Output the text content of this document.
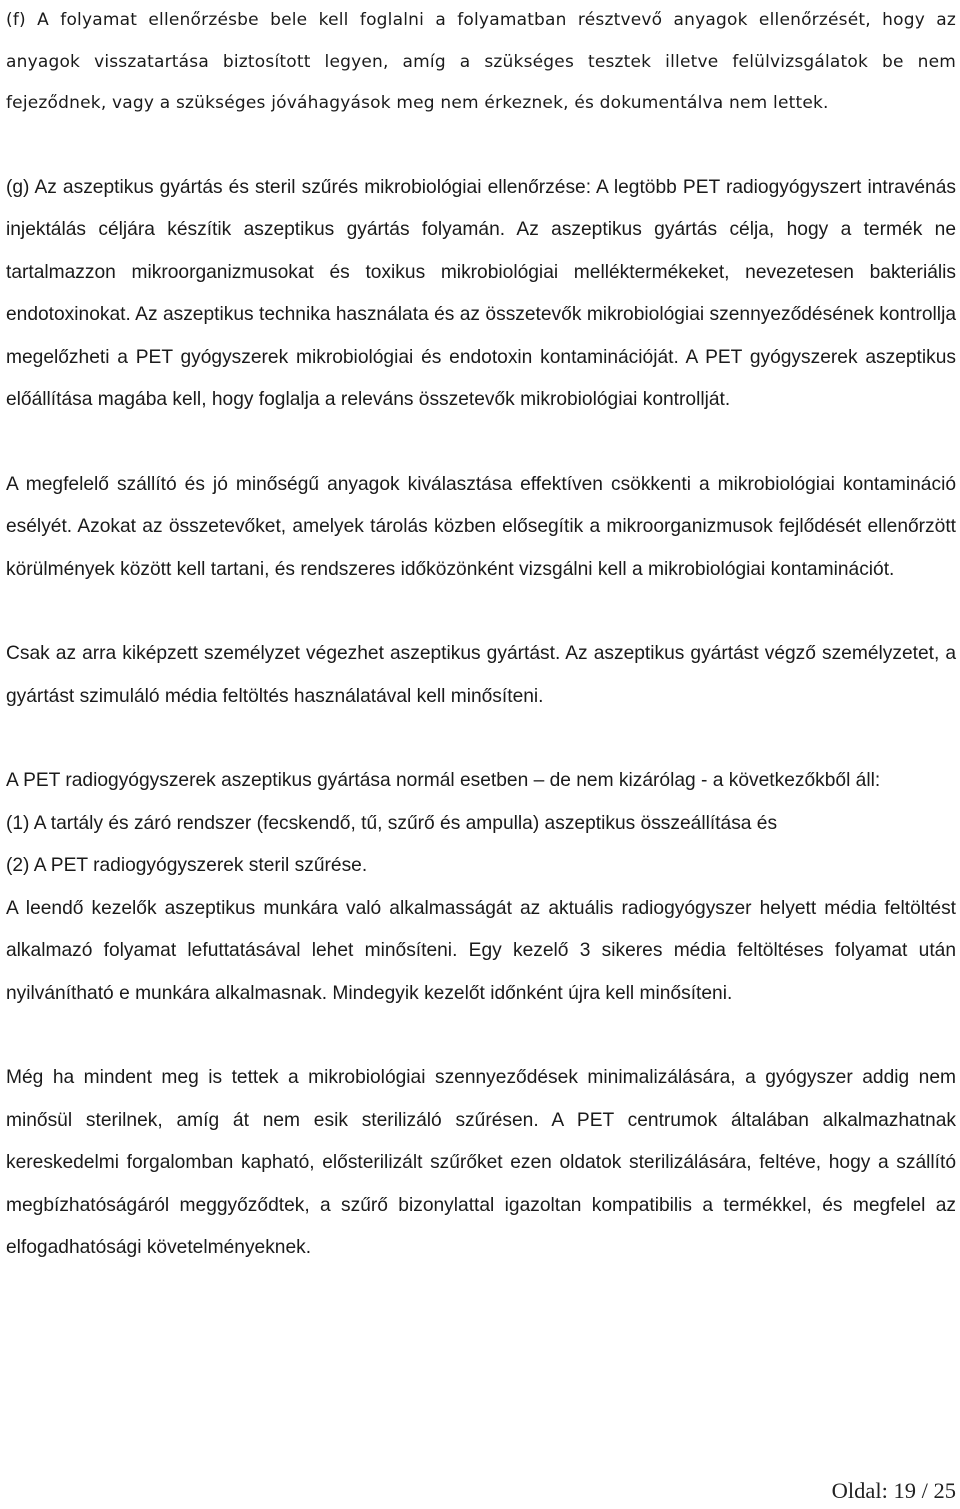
(f) A folyamat ellenőrzésbe bele kell foglalni a folyamatban résztvevő anyagok ellenőrzését, hogy az anyagok visszatartása biztosított legyen, amíg a szükséges tesztek illetve felülvizsgálatok be nem fejeződnek, vagy a szükséges jóváhagyások meg nem érkeznek, és dokumentálva nem lettek.

(g) Az aszeptikus gyártás és steril szűrés mikrobiológiai ellenőrzése: A legtöbb PET radiogyógyszert intravénás injektálás céljára készítik aszeptikus gyártás folyamán. Az aszeptikus gyártás célja, hogy a termék ne tartalmazzon mikroorganizmusokat és toxikus mikrobiológiai melléktermékeket, nevezetesen bakteriális endotoxinokat. Az aszeptikus technika használata és az összetevők mikrobiológiai szennyeződésének kontrollja megelőzheti a PET gyógyszerek mikrobiológiai és endotoxin kontaminációját. A PET gyógyszerek aszeptikus előállítása magába kell, hogy foglalja a releváns összetevők mikrobiológiai kontrollját.

A megfelelő szállító és jó minőségű anyagok kiválasztása effektíven csökkenti a mikrobiológiai kontamináció esélyét. Azokat az összetevőket, amelyek tárolás közben elősegítik a mikroorganizmusok fejlődését ellenőrzött körülmények között kell tartani, és rendszeres időközönként vizsgálni kell a mikrobiológiai kontaminációt.

Csak az arra kiképzett személyzet végezhet aszeptikus gyártást. Az aszeptikus gyártást végző személyzetet, a gyártást szimuláló média feltöltés használatával kell minősíteni.

A PET radiogyógyszerek aszeptikus gyártása normál esetben – de nem kizárólag - a következőkből áll:

(1) A tartály és záró rendszer (fecskendő, tű, szűrő és ampulla) aszeptikus összeállítása és

(2) A PET radiogyógyszerek steril szűrése.

A leendő kezelők aszeptikus munkára való alkalmasságát az aktuális radiogyógyszer helyett média feltöltést alkalmazó folyamat lefuttatásával lehet minősíteni. Egy kezelő 3 sikeres média feltöltéses folyamat után nyilvánítható e munkára alkalmasnak. Mindegyik kezelőt időnként újra kell minősíteni.

Még ha mindent meg is tettek a mikrobiológiai szennyeződések minimalizálására, a gyógyszer addig nem minősül sterilnek, amíg át nem esik sterilizáló szűrésen. A PET centrumok általában alkalmazhatnak kereskedelmi forgalomban kapható, elősterilizált szűrőket ezen oldatok sterilizálására, feltéve, hogy a szállító megbízhatóságáról meggyőződtek, a szűrő bizonylattal igazoltan kompatibilis a termékkel, és megfelel az elfogadhatósági követelményeknek.

Oldal: 19 / 25
